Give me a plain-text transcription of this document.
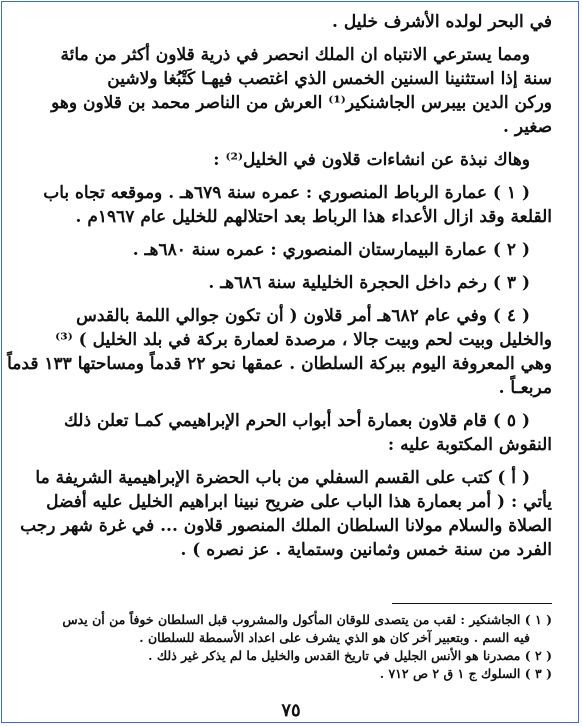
في البحر لولده الأشرف خليل .
ومما يسترعي الانتباه ان الملك انحصر في ذرية قلاون أكثر من مائة
سنة إذا استثنينا السنين الخمس الذي اغتصب فيهـا كَتْبُغا ولاشين
وركن الدين بيبرس الجاشنكير⁽¹⁾ العرش من الناصر محمد بن قلاون وهو
صغير .
وهاك نبذة عن انشاءات قلاون في الخليل⁽²⁾ :
( ١ ) عمارة الرباط المنصوري : عمره سنة ٦٧٩هـ . وموقعه تجاه باب
القلعة وقد ازال الأعداء هذا الرباط بعد احتلالهم للخليل عام ١٩٦٧م .
( ٢ ) عمارة البيمارستان المنصوري : عمره سنة ٦٨٠هـ .
( ٣ ) رخم داخل الحجرة الخليلية سنة ٦٨٦هـ .
( ٤ ) وفي عام ٦٨٢هـ أمر قلاون ( أن تكون جوالي اللمة بالقدس
والخليل وبيت لحم وبيت جالا ، مرصدة لعمارة بركة في بلد الخليل ) ⁽³⁾
وهي المعروفة اليوم ببركة السلطان . عمقها نحو ٢٢ قدماً ومساحتها ١٣٣ قدماً
مربعـاً .
( ٥ ) قام قلاون بعمارة أحد أبواب الحرم الإبراهيمي كمـا تعلن ذلك
النقوش المكتوبة عليه :
( أ ) كتب على القسم السفلي من باب الحضرة الإبراهيمية الشريفة ما
يأتي : ( أمر بعمارة هذا الباب على ضريح نبينا ابراهيم الخليل عليه أفضل
الصلاة والسلام مولانا السلطان الملك المنصور قلاون ... في غرة شهر رجب
الفرد من سنة خمس وثمانين وستماية . عز نصره ) .
( ١ ) الجاشنكير : لقب من يتصدى للوقان المأكول والمشروب قبل السلطان خوفاً من أن يدس
فيه السم . وبتعبير آخر كان هو الذي يشرف على اعداد الأسمطة للسلطان .
( ٢ ) مصدرنا هو الأنس الجليل في تاريخ القدس والخليل ما لم يذكر غير ذلك .
( ٣ ) السلوك ج ١ ق ٢ ص ٧١٢ .
٧٥
